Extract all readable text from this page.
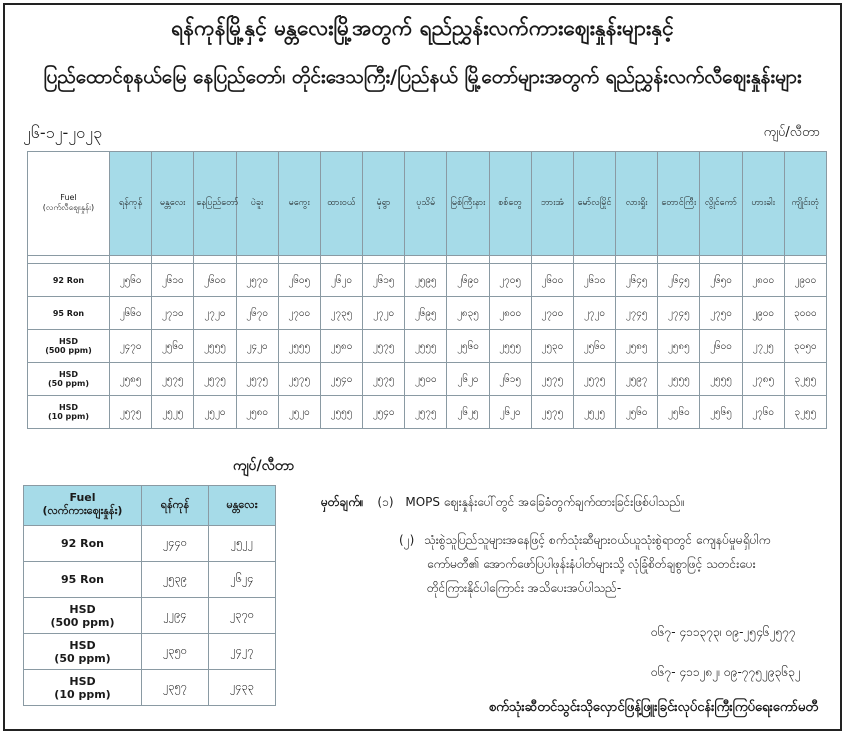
ရန်ကုန်မြို့နှင့် မန္တလေးမြို့အတွက် ရည်ညွှန်းလက်ကားဈေးနှုန်းများနှင့်
ပြည်ထောင်စုနယ်မြေ နေပြည်တော်၊ တိုင်းဒေသကြီး/ပြည်နယ် မြို့တော်များအတွက် ရည်ညွှန်းလက်လီဈေးနှုန်းများ
၂၆-၁၂-၂၀၂၃	ကျပ်/လီတာ
Fuel
(လက်လီဈေးနှုန်း)	ရန်ကုန်	မန္တလေး	နေပြည်တော်	ပဲခူး	မကွေး	ထားဝယ်	မုံရွာ	ပုသိမ်	မြစ်ကြီးနား	စစ်တွေ	ဘားအံ	မော်လမြိုင်	လားရှိုး	တောင်ကြီး	လွိုင်ကော်	ဟားခါး	ကျိုင်းတုံ

92 Ron	၂၅၆၀	၂၆၁၀	၂၆၀၀	၂၅၇၀	၂၆၀၅	၂၆၂၀	၂၆၁၅	၂၅၉၅	၂၆၉၀	၂၇၀၅	၂၆၀၀	၂၆၁၀	၂၆၄၅	၂၆၄၅	၂၆၅၀	၂၈၀၀	၂၉၀၀

95 Ron	၂၆၆၀	၂၇၁၀	၂၇၂၀	၂၆၇၀	၂၇၀၀	၂၇၃၅	၂၇၂၀	၂၆၉၅	၂၈၃၅	၂၈၀၀	၂၇၀၀	၂၇၂၀	၂၇၄၅	၂၇၄၅	၂၇၅၀	၂၉၀၀	၃၀၀၀

HSD
(500 ppm)	၂၄၇၀	၂၅၆၀	၂၅၅၅	၂၄၂၀	၂၅၅၅	၂၅၈၀	၂၅၇၅	၂၅၅၅	၂၅၆၀	၂၅၅၅	၂၅၃၀	၂၅၆၀	၂၅၈၅	၂၅၈၅	၂၆၀၀	၂၇၂၅	၃၀၅၀

HSD
(50 ppm)	၂၅၈၅	၂၅၇၅	၂၅၇၅	၂၅၇၅	၂၅၇၅	၂၅၄၀	၂၅၇၅	၂၅၀၀	၂၆၂၀	၂၆၁၅	၂၅၇၅	၂၅၇၅	၂၅၉၇	၂၅၅၅	၂၅၅၅	၂၇၈၅	၃၂၅၅

HSD
(10 ppm)	၂၅၇၅	၂၅၂၅	၂၅၂၀	၂၅၈၀	၂၅၂၀	၂၅၅၅	၂၅၄၀	၂၅၇၅	၂၆၂၅	၂၆၂၀	၂၅၇၅	၂၅၂၅	၂၅၆၀	၂၅၆၀	၂၅၆၅	၂၇၆၀	၃၂၅၅
ကျပ်/လီတာ
Fuel
(လက်ကားဈေးနှုန်း)	ရန်ကုန်	မန္တလေး

92 Ron	၂၄၄၀	၂၅၂၂

95 Ron	၂၅၃၉	၂၆၂၄

HSD
(500 ppm)	၂၂၉၄	၂၃၇၀

HSD
(50 ppm)	၂၃၅၀	၂၄၂၇

HSD
(10 ppm)	၂၃၅၇	၂၄၃၃
မှတ်ချက်။ (၁) MOPS ဈေးနှုန်းပေါ်တွင် အခြေခံတွက်ချက်ထားခြင်းဖြစ်ပါသည်။
(၂) သုံးစွဲသူပြည်သူများအနေဖြင့် စက်သုံးဆီများဝယ်ယူသုံးစွဲရာတွင် ကျေနပ်မှုမရှိပါက
ကော်မတီ၏ အောက်ဖော်ပြပါဖုန်းနံပါတ်များသို့ လုံခြုံစိတ်ချစွာဖြင့် သတင်းပေး
တိုင်ကြားနိုင်ပါကြောင်း အသိပေးအပ်ပါသည်-
၀၆၇- ၄၁၁၃၇၃၊ ၀၉-၂၅၄၆၂၅၇၇
၀၆၇- ၄၁၁၂၈၂၊ ၀၉-၇၇၅၂၉၃၆၃၂
စက်သုံးဆီတင်သွင်းသိုလှောင်ဖြန့်ဖြူးခြင်းလုပ်ငန်းကြီးကြပ်ရေးကော်မတီ
